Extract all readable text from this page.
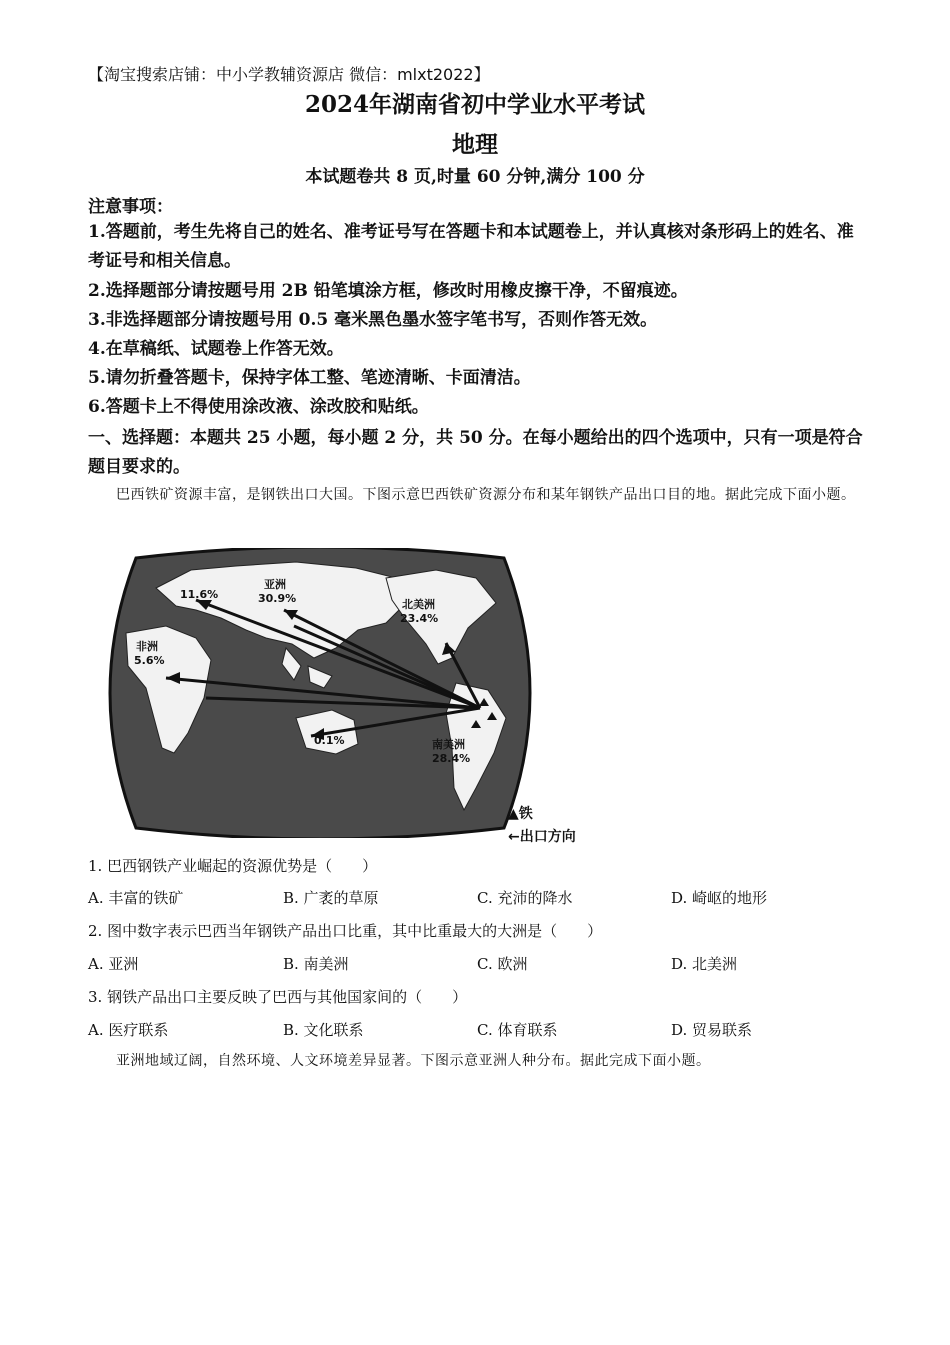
【淘宝搜索店铺：中小学教辅资源店 微信：mlxt2022】
2024年湖南省初中学业水平考试
地理
本试题卷共 8 页,时量 60 分钟,满分 100 分
注意事项：
1.答题前，考生先将自己的姓名、准考证号写在答题卡和本试题卷上，并认真核对条形码上的姓名、准考证号和相关信息。
2.选择题部分请按题号用 2B 铅笔填涂方框，修改时用橡皮擦干净，不留痕迹。
3.非选择题部分请按题号用 0.5 毫米黑色墨水签字笔书写，否则作答无效。
4.在草稿纸、试题卷上作答无效。
5.请勿折叠答题卡，保持字体工整、笔迹清晰、卡面清洁。
6.答题卡上不得使用涂改液、涂改胶和贴纸。
一、选择题：本题共 25 小题，每小题 2 分，共 50 分。在每小题给出的四个选项中，只有一项是符合题目要求的。
巴西铁矿资源丰富，是钢铁出口大国。下图示意巴西铁矿资源分布和某年钢铁产品出口目的地。据此完成下面小题。
11.6%
亚洲
30.9%	北美洲
23.4%
非洲
5.6%
0.1%	南美洲
28.4%
▲铁
←出口方向
1. 巴西钢铁产业崛起的资源优势是（　　）
A. 丰富的铁矿	B. 广袤的草原	C. 充沛的降水	D. 崎岖的地形
2. 图中数字表示巴西当年钢铁产品出口比重，其中比重最大的大洲是（　　）
A. 亚洲	B. 南美洲	C. 欧洲	D. 北美洲
3. 钢铁产品出口主要反映了巴西与其他国家间的（　　）
A. 医疗联系	B. 文化联系	C. 体育联系	D. 贸易联系
亚洲地域辽阔，自然环境、人文环境差异显著。下图示意亚洲人种分布。据此完成下面小题。
